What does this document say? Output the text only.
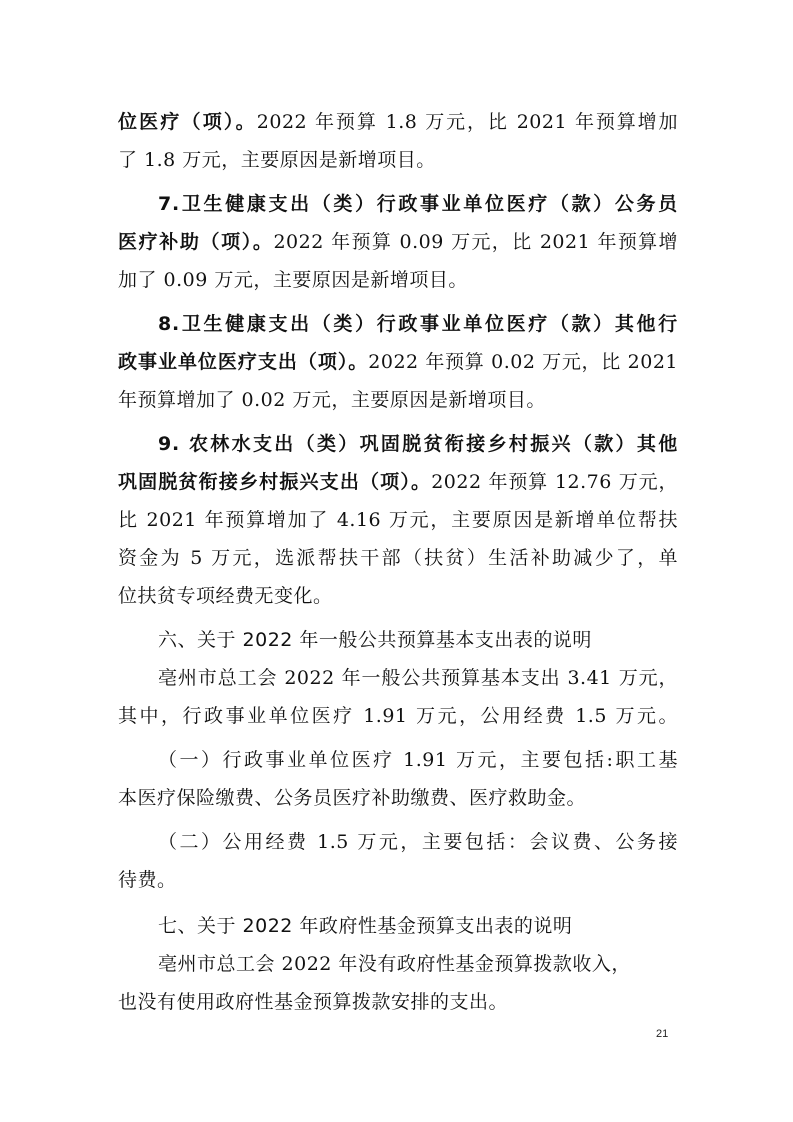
位医疗（项）。2022 年预算 1.8 万元，比 2021 年预算增加
了 1.8 万元，主要原因是新增项目。
7.卫生健康支出（类）行政事业单位医疗（款）公务员
医疗补助（项）。2022 年预算 0.09 万元，比 2021 年预算增
加了 0.09 万元，主要原因是新增项目。
8.卫生健康支出（类）行政事业单位医疗（款）其他行
政事业单位医疗支出（项）。2022 年预算 0.02 万元，比 2021
年预算增加了 0.02 万元，主要原因是新增项目。
9. 农林水支出（类）巩固脱贫衔接乡村振兴（款）其他
巩固脱贫衔接乡村振兴支出（项）。2022 年预算 12.76 万元，
比 2021 年预算增加了 4.16 万元，主要原因是新增单位帮扶
资金为 5 万元，选派帮扶干部（扶贫）生活补助减少了，单
位扶贫专项经费无变化。
六、关于 2022 年一般公共预算基本支出表的说明
亳州市总工会 2022 年一般公共预算基本支出 3.41 万元，
其中，行政事业单位医疗 1.91 万元，公用经费 1.5 万元。
（一）行政事业单位医疗 1.91 万元，主要包括:职工基
本医疗保险缴费、公务员医疗补助缴费、医疗救助金。
（二）公用经费 1.5 万元，主要包括：会议费、公务接
待费。
七、关于 2022 年政府性基金预算支出表的说明
亳州市总工会 2022 年没有政府性基金预算拨款收入，
也没有使用政府性基金预算拨款安排的支出。
21
